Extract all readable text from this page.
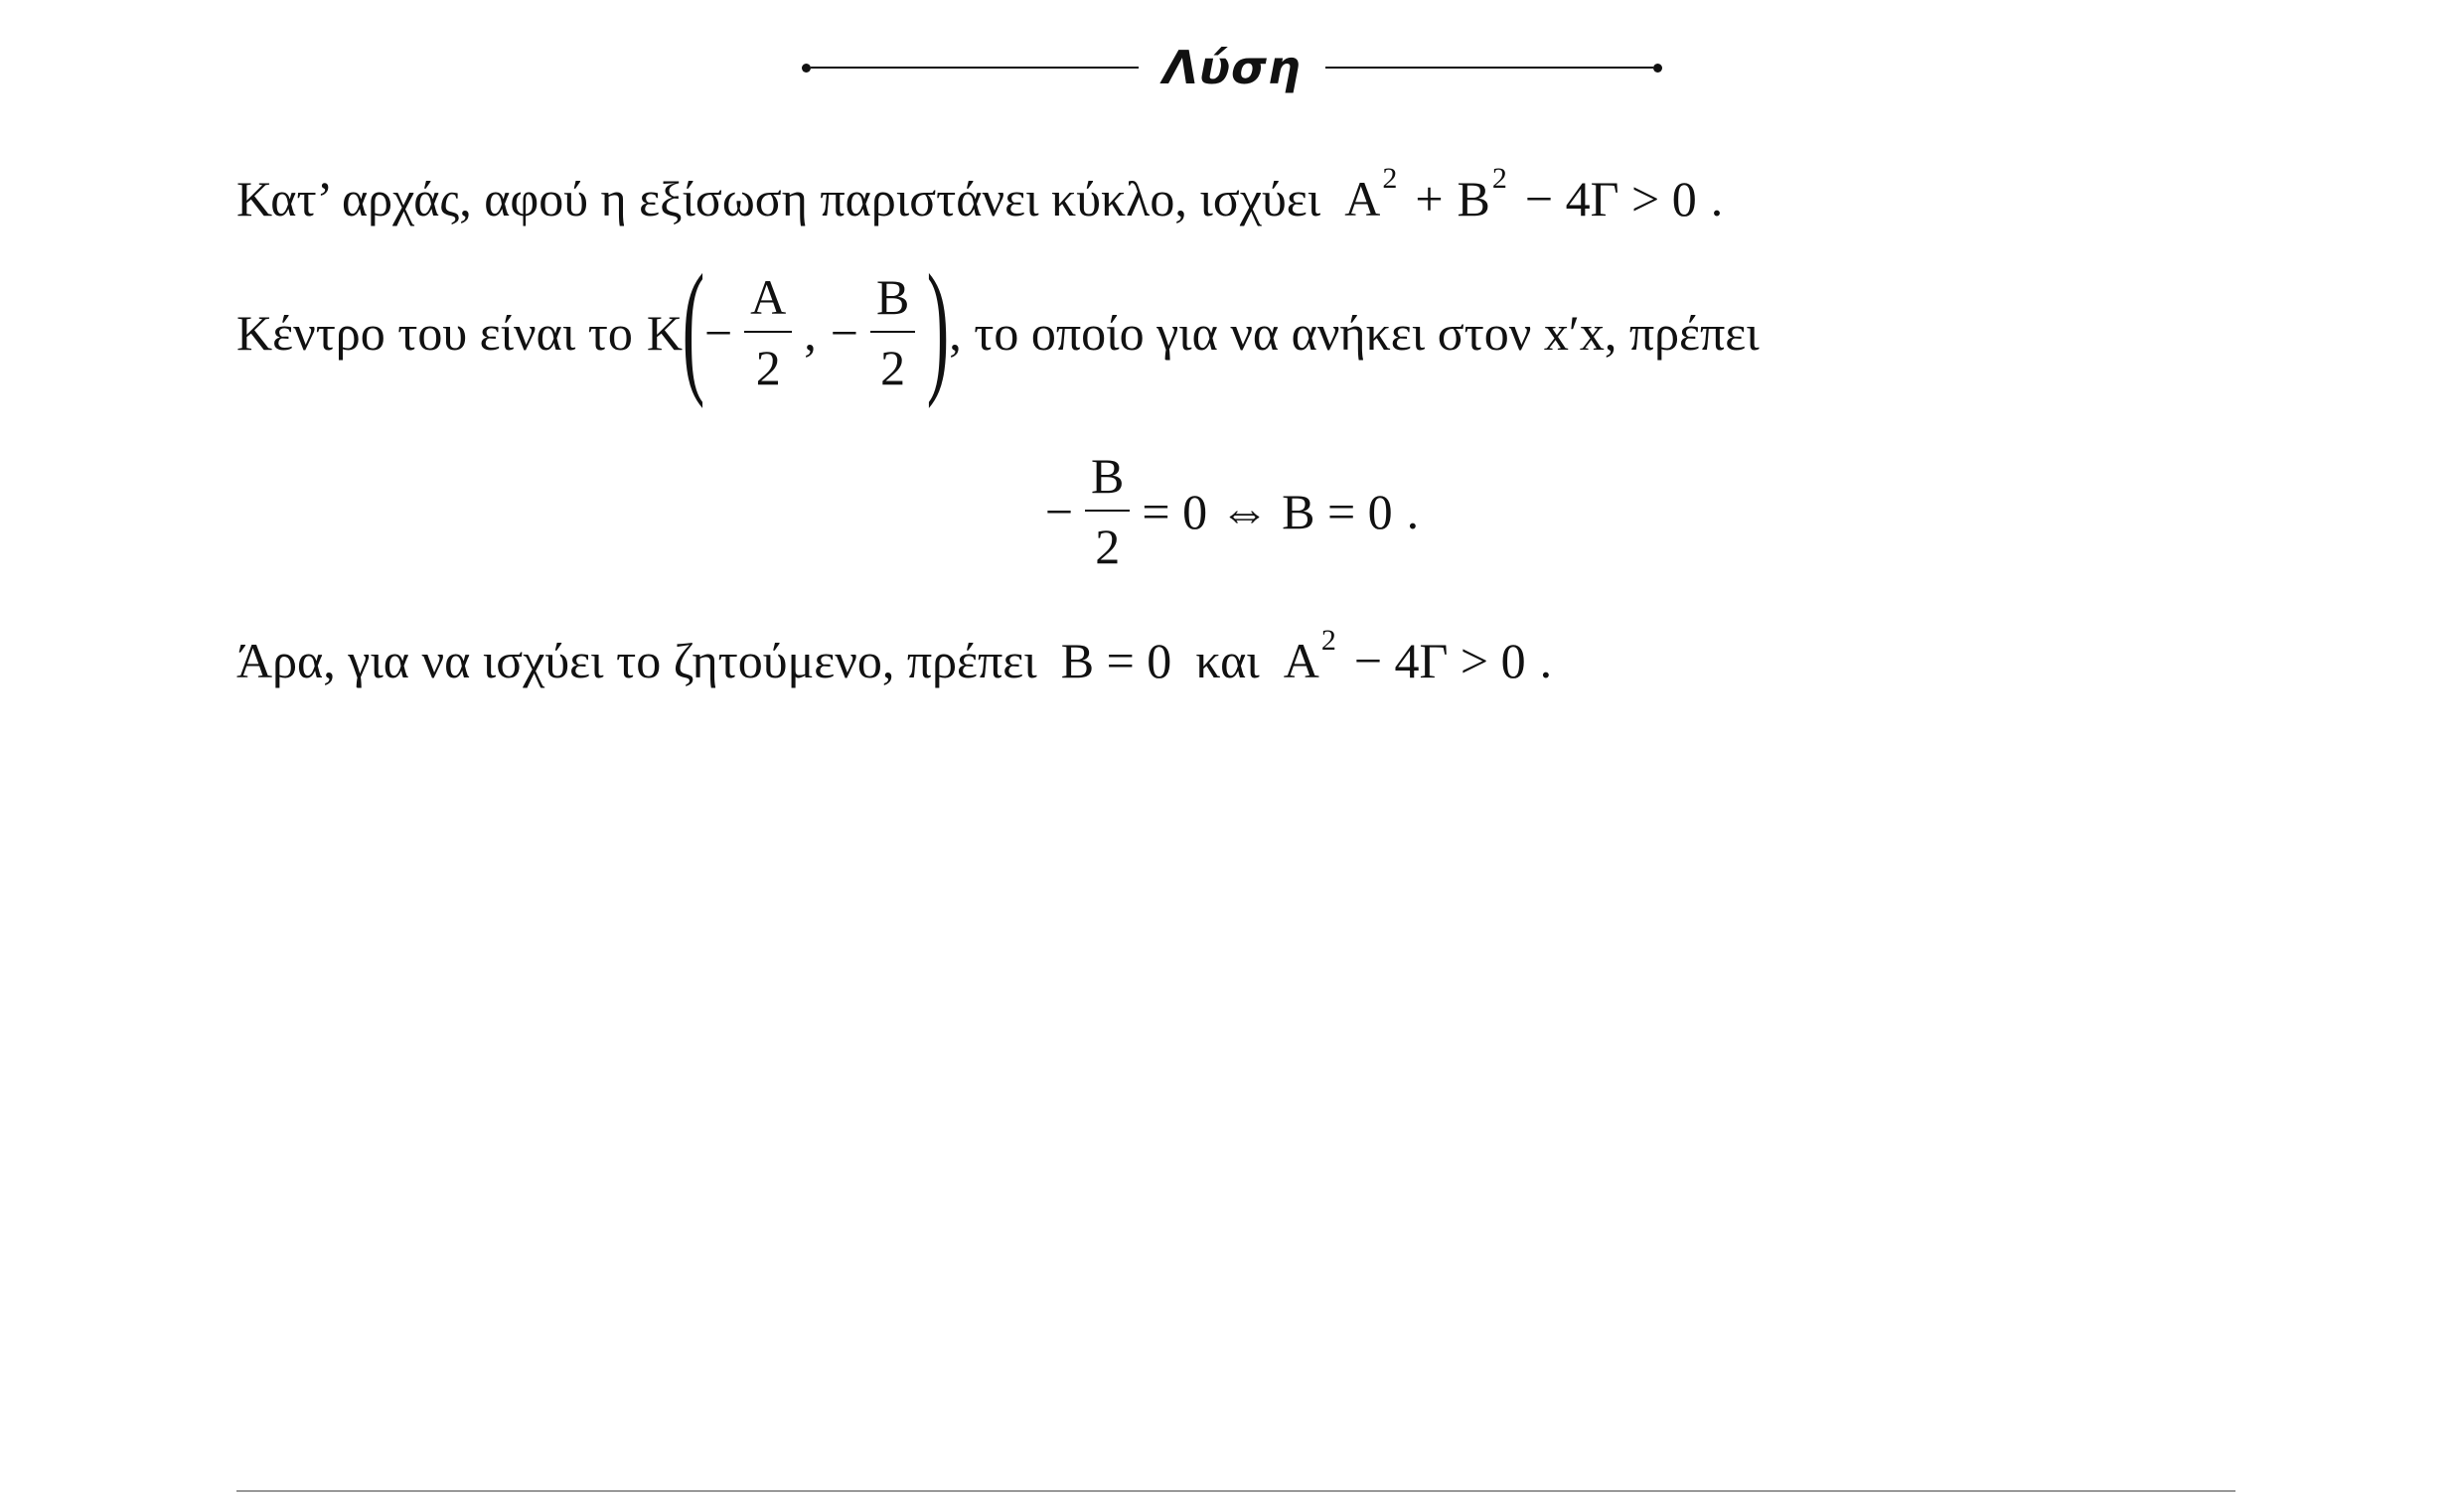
Λύση
Κατ’ αρχάς, αφού η εξίσωση παριστάνει κύκλο, ισχύει $A^2 + B^2 - 4\Gamma > 0$ .
Κέντρο του είναι το K ( − $\frac{A}{2}$ , − $\frac{B}{2}$ ) , το οποίο για να ανήκει στον x′x, πρέπει
− $\frac{B}{2} = 0$ ⇔ B = 0 .
Άρα, για να ισχύει το ζητούμενο, πρέπει B = 0 και $A^2 - 4\Gamma > 0$ .
